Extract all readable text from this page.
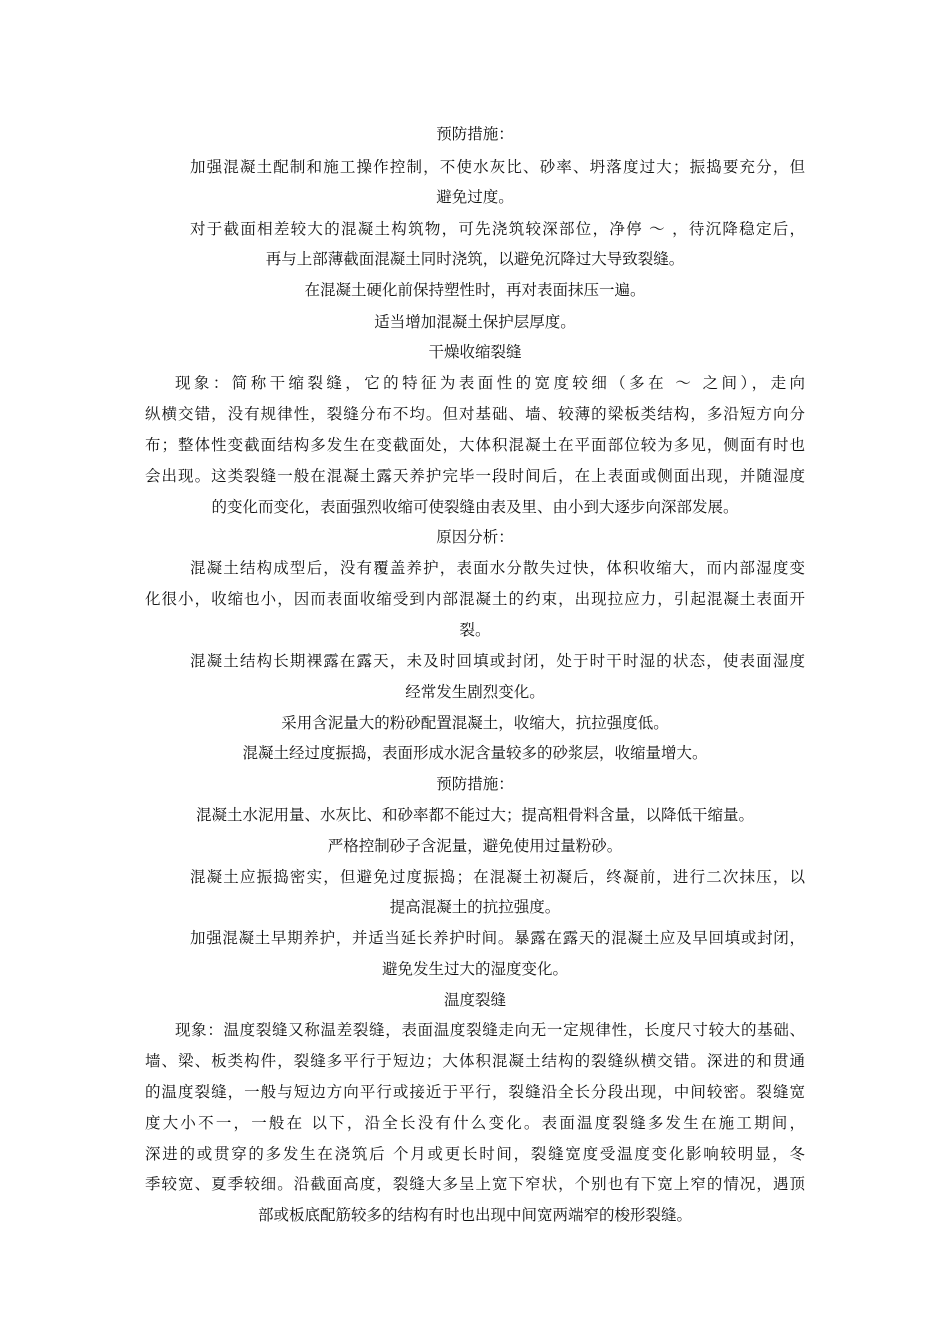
预防措施：
加强混凝土配制和施工操作控制，不使水灰比、砂率、坍落度过大；振捣要充分，但
避免过度。
对于截面相差较大的混凝土构筑物，可先浇筑较深部位，净停 ～ ，待沉降稳定后，
再与上部薄截面混凝土同时浇筑，以避免沉降过大导致裂缝。
在混凝土硬化前保持塑性时，再对表面抹压一遍。
适当增加混凝土保护层厚度。
干燥收缩裂缝
现象：简称干缩裂缝，它的特征为表面性的宽度较细（多在 ～ 之间），走向
纵横交错，没有规律性，裂缝分布不均。但对基础、墙、较薄的梁板类结构，多沿短方向分
布；整体性变截面结构多发生在变截面处，大体积混凝土在平面部位较为多见，侧面有时也
会出现。这类裂缝一般在混凝土露天养护完毕一段时间后，在上表面或侧面出现，并随湿度
的变化而变化，表面强烈收缩可使裂缝由表及里、由小到大逐步向深部发展。
原因分析：
混凝土结构成型后，没有覆盖养护，表面水分散失过快，体积收缩大，而内部湿度变
化很小，收缩也小，因而表面收缩受到内部混凝土的约束，出现拉应力，引起混凝土表面开
裂。
混凝土结构长期裸露在露天，未及时回填或封闭，处于时干时湿的状态，使表面湿度
经常发生剧烈变化。
采用含泥量大的粉砂配置混凝土，收缩大，抗拉强度低。
混凝土经过度振捣，表面形成水泥含量较多的砂浆层，收缩量增大。
预防措施：
混凝土水泥用量、水灰比、和砂率都不能过大；提高粗骨料含量，以降低干缩量。
严格控制砂子含泥量，避免使用过量粉砂。
混凝土应振捣密实，但避免过度振捣；在混凝土初凝后，终凝前，进行二次抹压，以
提高混凝土的抗拉强度。
加强混凝土早期养护，并适当延长养护时间。暴露在露天的混凝土应及早回填或封闭，
避免发生过大的湿度变化。
温度裂缝
现象：温度裂缝又称温差裂缝，表面温度裂缝走向无一定规律性，长度尺寸较大的基础、
墙、梁、板类构件，裂缝多平行于短边；大体积混凝土结构的裂缝纵横交错。深进的和贯通
的温度裂缝，一般与短边方向平行或接近于平行，裂缝沿全长分段出现，中间较密。裂缝宽
度大小不一，一般在 以下，沿全长没有什么变化。表面温度裂缝多发生在施工期间，
深进的或贯穿的多发生在浇筑后 个月或更长时间，裂缝宽度受温度变化影响较明显，冬
季较宽、夏季较细。沿截面高度，裂缝大多呈上宽下窄状，个别也有下宽上窄的情况，遇顶
部或板底配筋较多的结构有时也出现中间宽两端窄的梭形裂缝。
